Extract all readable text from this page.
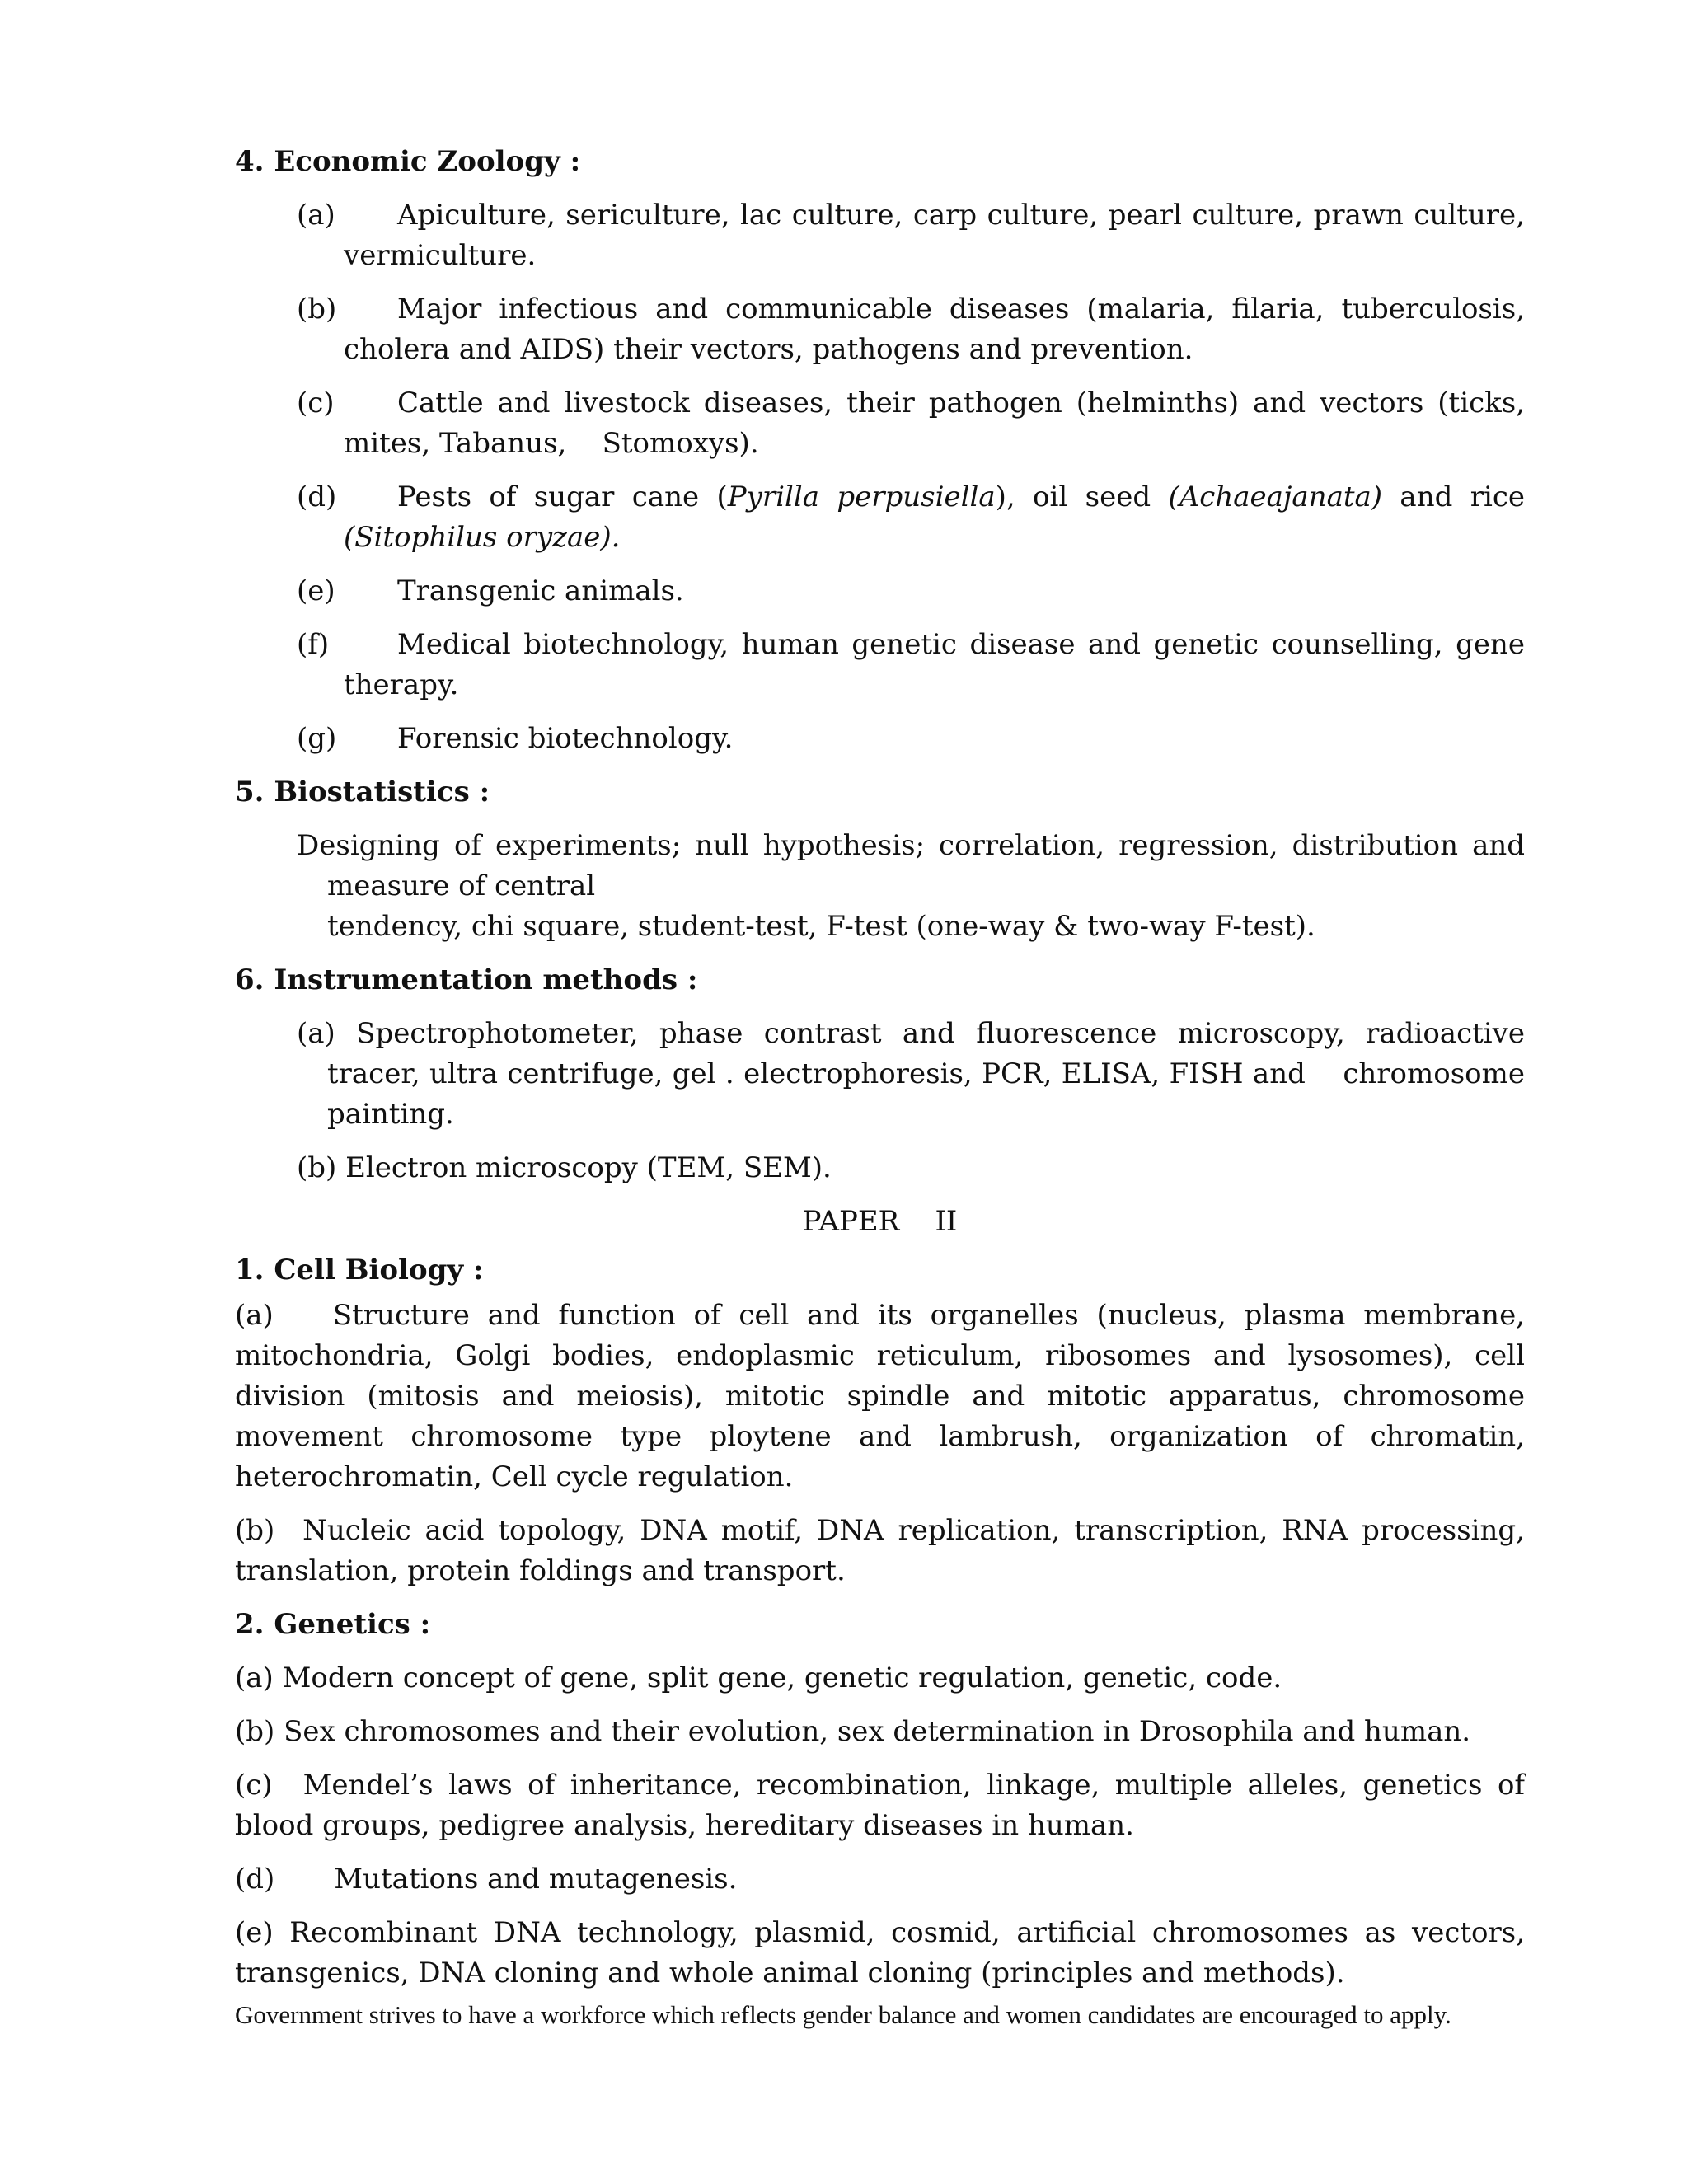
4. Economic Zoology :
(a) Apiculture, sericulture, lac culture, carp culture, pearl culture, prawn culture, vermiculture.
(b) Major infectious and communicable diseases (malaria, filaria, tuberculosis, cholera and AIDS) their vectors, pathogens and prevention.
(c) Cattle and livestock diseases, their pathogen (helminths) and vectors (ticks, mites, Tabanus,    Stomoxys).
(d) Pests of sugar cane (Pyrilla perpusiella), oil seed (Achaeajanata) and rice (Sitophilus oryzae).
(e) Transgenic animals.
(f) Medical biotechnology, human genetic disease and genetic counselling, gene therapy.
(g) Forensic biotechnology.
5. Biostatistics :
Designing of experiments; null hypothesis; correlation, regression, distribution and measure of central
tendency, chi square, student-test, F-test (one-way & two-way F-test).
6. Instrumentation methods :
(a) Spectrophotometer, phase contrast and fluorescence microscopy, radioactive tracer, ultra centrifuge, gel . electrophoresis, PCR, ELISA, FISH and    chromosome painting.
(b) Electron microscopy (TEM, SEM).
PAPER    II
1. Cell Biology :
(a) Structure and function of cell and its organelles (nucleus, plasma membrane, mitochondria, Golgi bodies, endoplasmic reticulum, ribosomes and lysosomes), cell division (mitosis and meiosis), mitotic spindle and mitotic apparatus, chromosome movement chromosome type ploytene and lambrush, organization of chromatin, heterochromatin, Cell cycle regulation.
(b)  Nucleic acid topology, DNA motif, DNA replication, transcription, RNA processing, translation, protein foldings and transport.
2. Genetics :
(a) Modern concept of gene, split gene, genetic regulation, genetic, code.
(b) Sex chromosomes and their evolution, sex determination in Drosophila and human.
(c)  Mendel’s laws of inheritance, recombination, linkage, multiple alleles, genetics of blood groups, pedigree analysis, hereditary diseases in human.
(d) Mutations and mutagenesis.
(e) Recombinant DNA technology, plasmid, cosmid, artificial chromosomes as vectors, transgenics, DNA cloning and whole animal cloning (principles and methods).
Government strives to have a workforce which reflects gender balance and women candidates are encouraged to apply.
